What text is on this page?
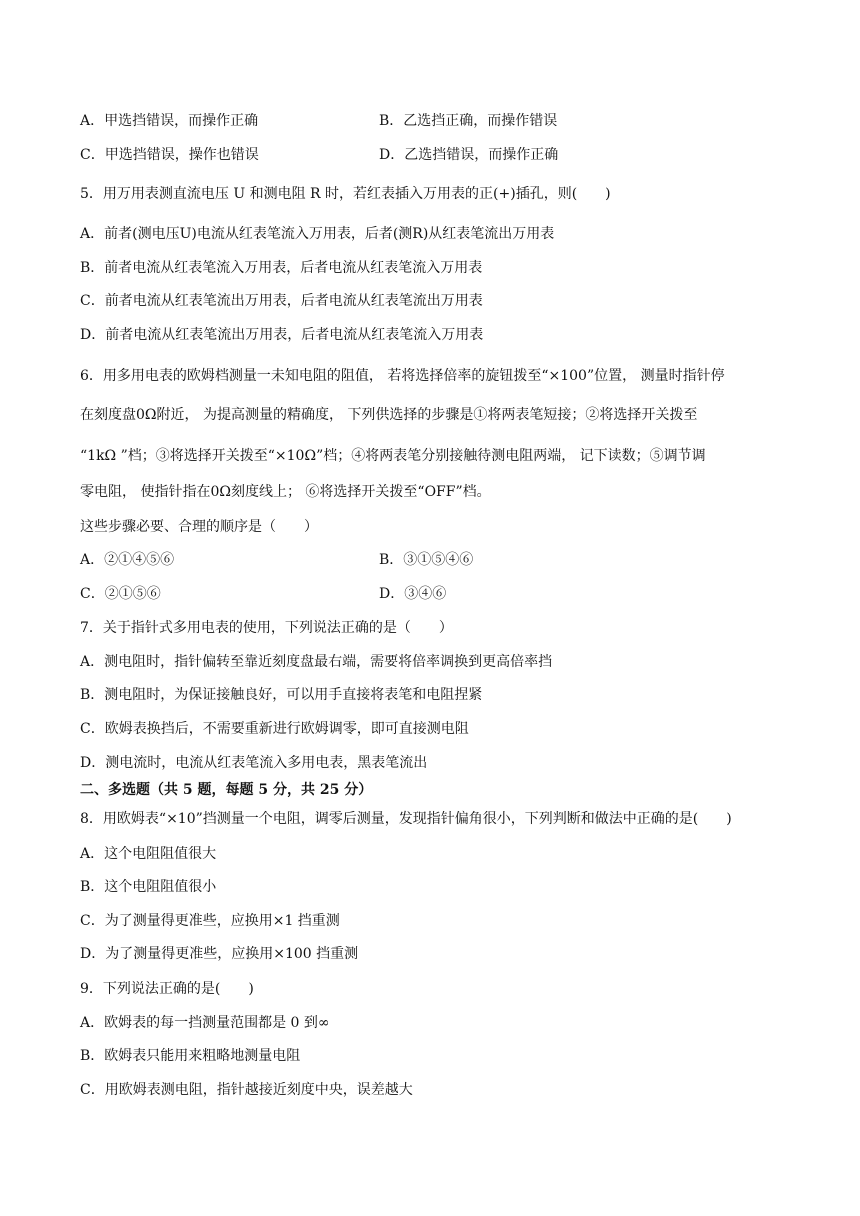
A．甲选挡错误，而操作正确	B．乙选挡正确，而操作错误
C．甲选挡错误，操作也错误	D．乙选挡错误，而操作正确
5．用万用表测直流电压 U 和测电阻 R 时，若红表插入万用表的正(+)插孔，则(　　)
A．前者(测电压U)电流从红表笔流入万用表，后者(测R)从红表笔流出万用表
B．前者电流从红表笔流入万用表，后者电流从红表笔流入万用表
C．前者电流从红表笔流出万用表，后者电流从红表笔流出万用表
D．前者电流从红表笔流出万用表，后者电流从红表笔流入万用表
6．用多用电表的欧姆档测量一未知电阻的阻值， 若将选择倍率的旋钮拨至“×100”位置， 测量时指针停
在刻度盘0Ω附近， 为提高测量的精确度， 下列供选择的步骤是①将两表笔短接；②将选择开关拨至
“1kΩ ”档；③将选择开关拨至“×10Ω”档；④将两表笔分别接触待测电阻两端， 记下读数；⑤调节调
零电阻， 使指针指在0Ω刻度线上； ⑥将选择开关拨至“OFF”档。
这些步骤必要、合理的顺序是（　　）
A．②①④⑤⑥	B．③①⑤④⑥
C．②①⑤⑥	D．③④⑥
7．关于指针式多用电表的使用，下列说法正确的是（　　）
A．测电阻时，指针偏转至靠近刻度盘最右端，需要将倍率调换到更高倍率挡
B．测电阻时，为保证接触良好，可以用手直接将表笔和电阻捏紧
C．欧姆表换挡后，不需要重新进行欧姆调零，即可直接测电阻
D．测电流时，电流从红表笔流入多用电表，黑表笔流出
二、多选题（共 5 题，每题 5 分，共 25 分）
8．用欧姆表“×10”挡测量一个电阻，调零后测量，发现指针偏角很小，下列判断和做法中正确的是(　　)
A．这个电阻阻值很大
B．这个电阻阻值很小
C．为了测量得更准些，应换用×1 挡重测
D．为了测量得更准些，应换用×100 挡重测
9．下列说法正确的是(　　)
A．欧姆表的每一挡测量范围都是 0 到∞
B．欧姆表只能用来粗略地测量电阻
C．用欧姆表测电阻，指针越接近刻度中央，误差越大
